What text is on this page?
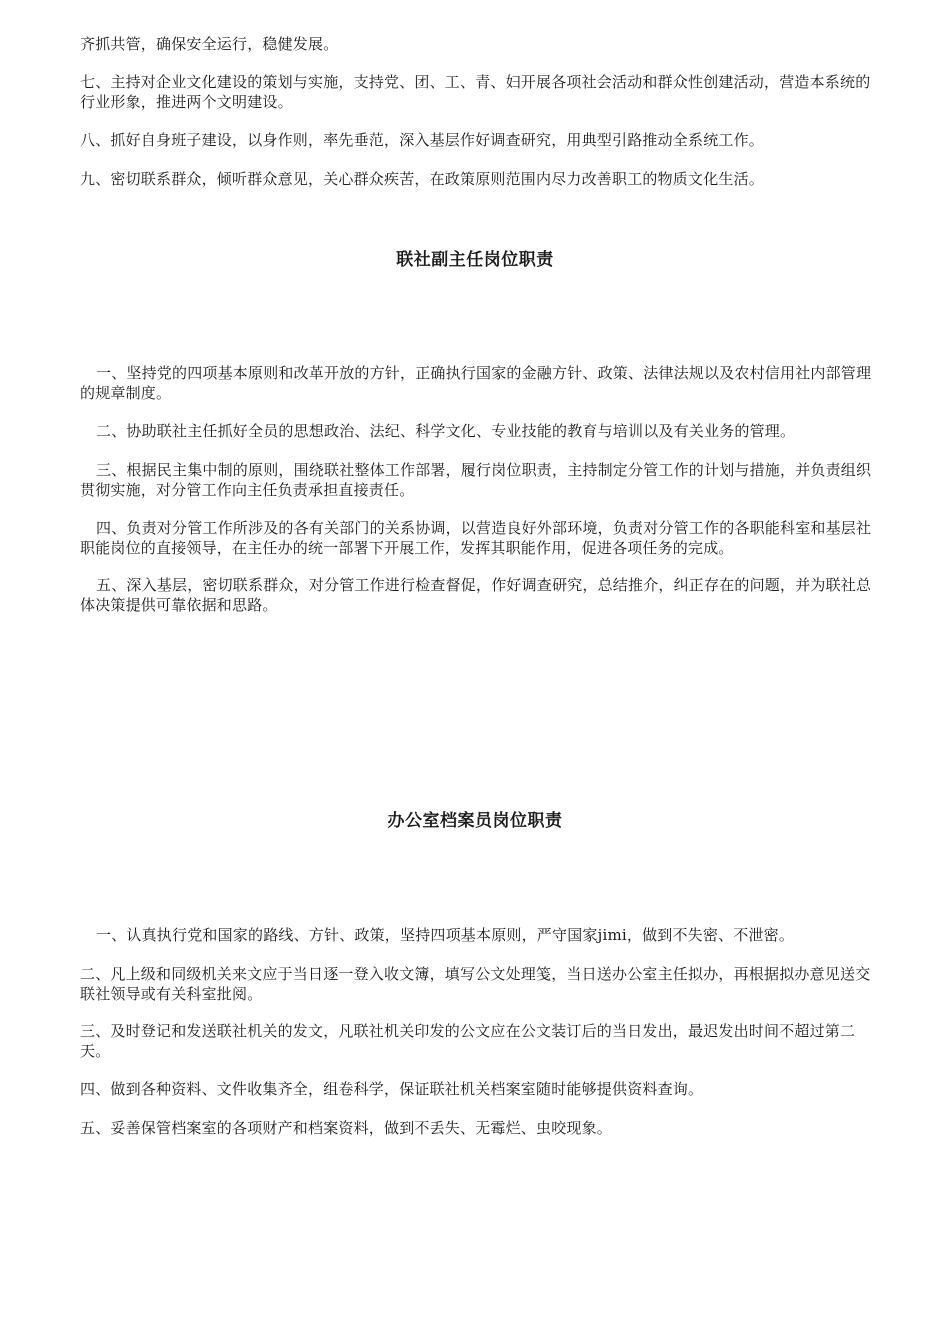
齐抓共管，确保安全运行，稳健发展。

七、主持对企业文化建设的策划与实施，支持党、团、工、青、妇开展各项社会活动和群众性创建活动，营造本系统的行业形象，推进两个文明建设。

八、抓好自身班子建设，以身作则，率先垂范，深入基层作好调查研究，用典型引路推动全系统工作。

九、密切联系群众，倾听群众意见，关心群众疾苦，在政策原则范围内尽力改善职工的物质文化生活。

联社副主任岗位职责

一、坚持党的四项基本原则和改革开放的方针，正确执行国家的金融方针、政策、法律法规以及农村信用社内部管理的规章制度。

二、协助联社主任抓好全员的思想政治、法纪、科学文化、专业技能的教育与培训以及有关业务的管理。

三、根据民主集中制的原则，围绕联社整体工作部署，履行岗位职责，主持制定分管工作的计划与措施，并负责组织贯彻实施，对分管工作向主任负责承担直接责任。

四、负责对分管工作所涉及的各有关部门的关系协调，以营造良好外部环境，负责对分管工作的各职能科室和基层社职能岗位的直接领导，在主任办的统一部署下开展工作，发挥其职能作用，促进各项任务的完成。

五、深入基层，密切联系群众，对分管工作进行检查督促，作好调查研究，总结推介，纠正存在的问题，并为联社总体决策提供可靠依据和思路。

办公室档案员岗位职责

一、认真执行党和国家的路线、方针、政策，坚持四项基本原则，严守国家jimi，做到不失密、不泄密。

二、凡上级和同级机关来文应于当日逐一登入收文簿，填写公文处理笺，当日送办公室主任拟办，再根据拟办意见送交联社领导或有关科室批阅。

三、及时登记和发送联社机关的发文，凡联社机关印发的公文应在公文装订后的当日发出，最迟发出时间不超过第二天。

四、做到各种资料、文件收集齐全，组卷科学，保证联社机关档案室随时能够提供资料查询。

五、妥善保管档案室的各项财产和档案资料，做到不丢失、无霉烂、虫咬现象。
